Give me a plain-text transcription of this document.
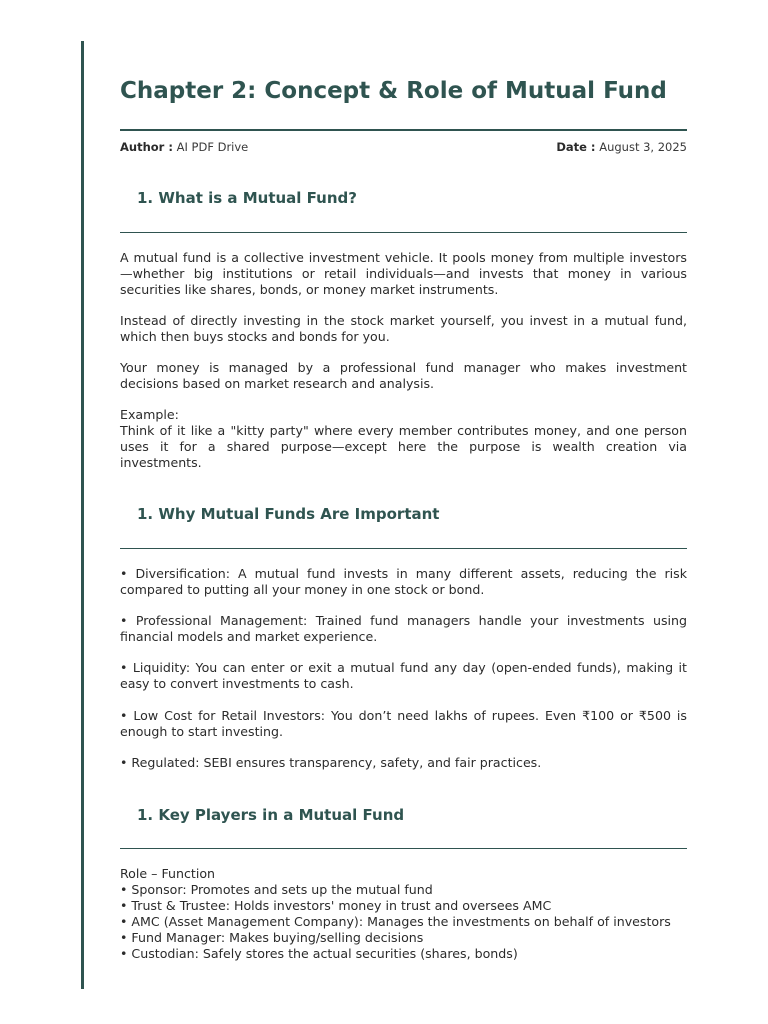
Chapter 2: Concept & Role of Mutual Fund
Author : AI PDF Drive	Date : August 3, 2025
1. What is a Mutual Fund?

A mutual fund is a collective investment vehicle. It pools money from multiple investors—whether big institutions or retail individuals—and invests that money in various securities like shares, bonds, or money market instruments.

Instead of directly investing in the stock market yourself, you invest in a mutual fund, which then buys stocks and bonds for you.

Your money is managed by a professional fund manager who makes investment decisions based on market research and analysis.

Example:
Think of it like a "kitty party" where every member contributes money, and one person uses it for a shared purpose—except here the purpose is wealth creation via investments.
1. Why Mutual Funds Are Important

• Diversification: A mutual fund invests in many different assets, reducing the risk compared to putting all your money in one stock or bond.

• Professional Management: Trained fund managers handle your investments using financial models and market experience.

• Liquidity: You can enter or exit a mutual fund any day (open-ended funds), making it easy to convert investments to cash.

• Low Cost for Retail Investors: You don’t need lakhs of rupees. Even ₹100 or ₹500 is enough to start investing.

• Regulated: SEBI ensures transparency, safety, and fair practices.

1. Key Players in a Mutual Fund
Role – Function
• Sponsor: Promotes and sets up the mutual fund
• Trust & Trustee: Holds investors' money in trust and oversees AMC
• AMC (Asset Management Company): Manages the investments on behalf of investors
• Fund Manager: Makes buying/selling decisions
• Custodian: Safely stores the actual securities (shares, bonds)
